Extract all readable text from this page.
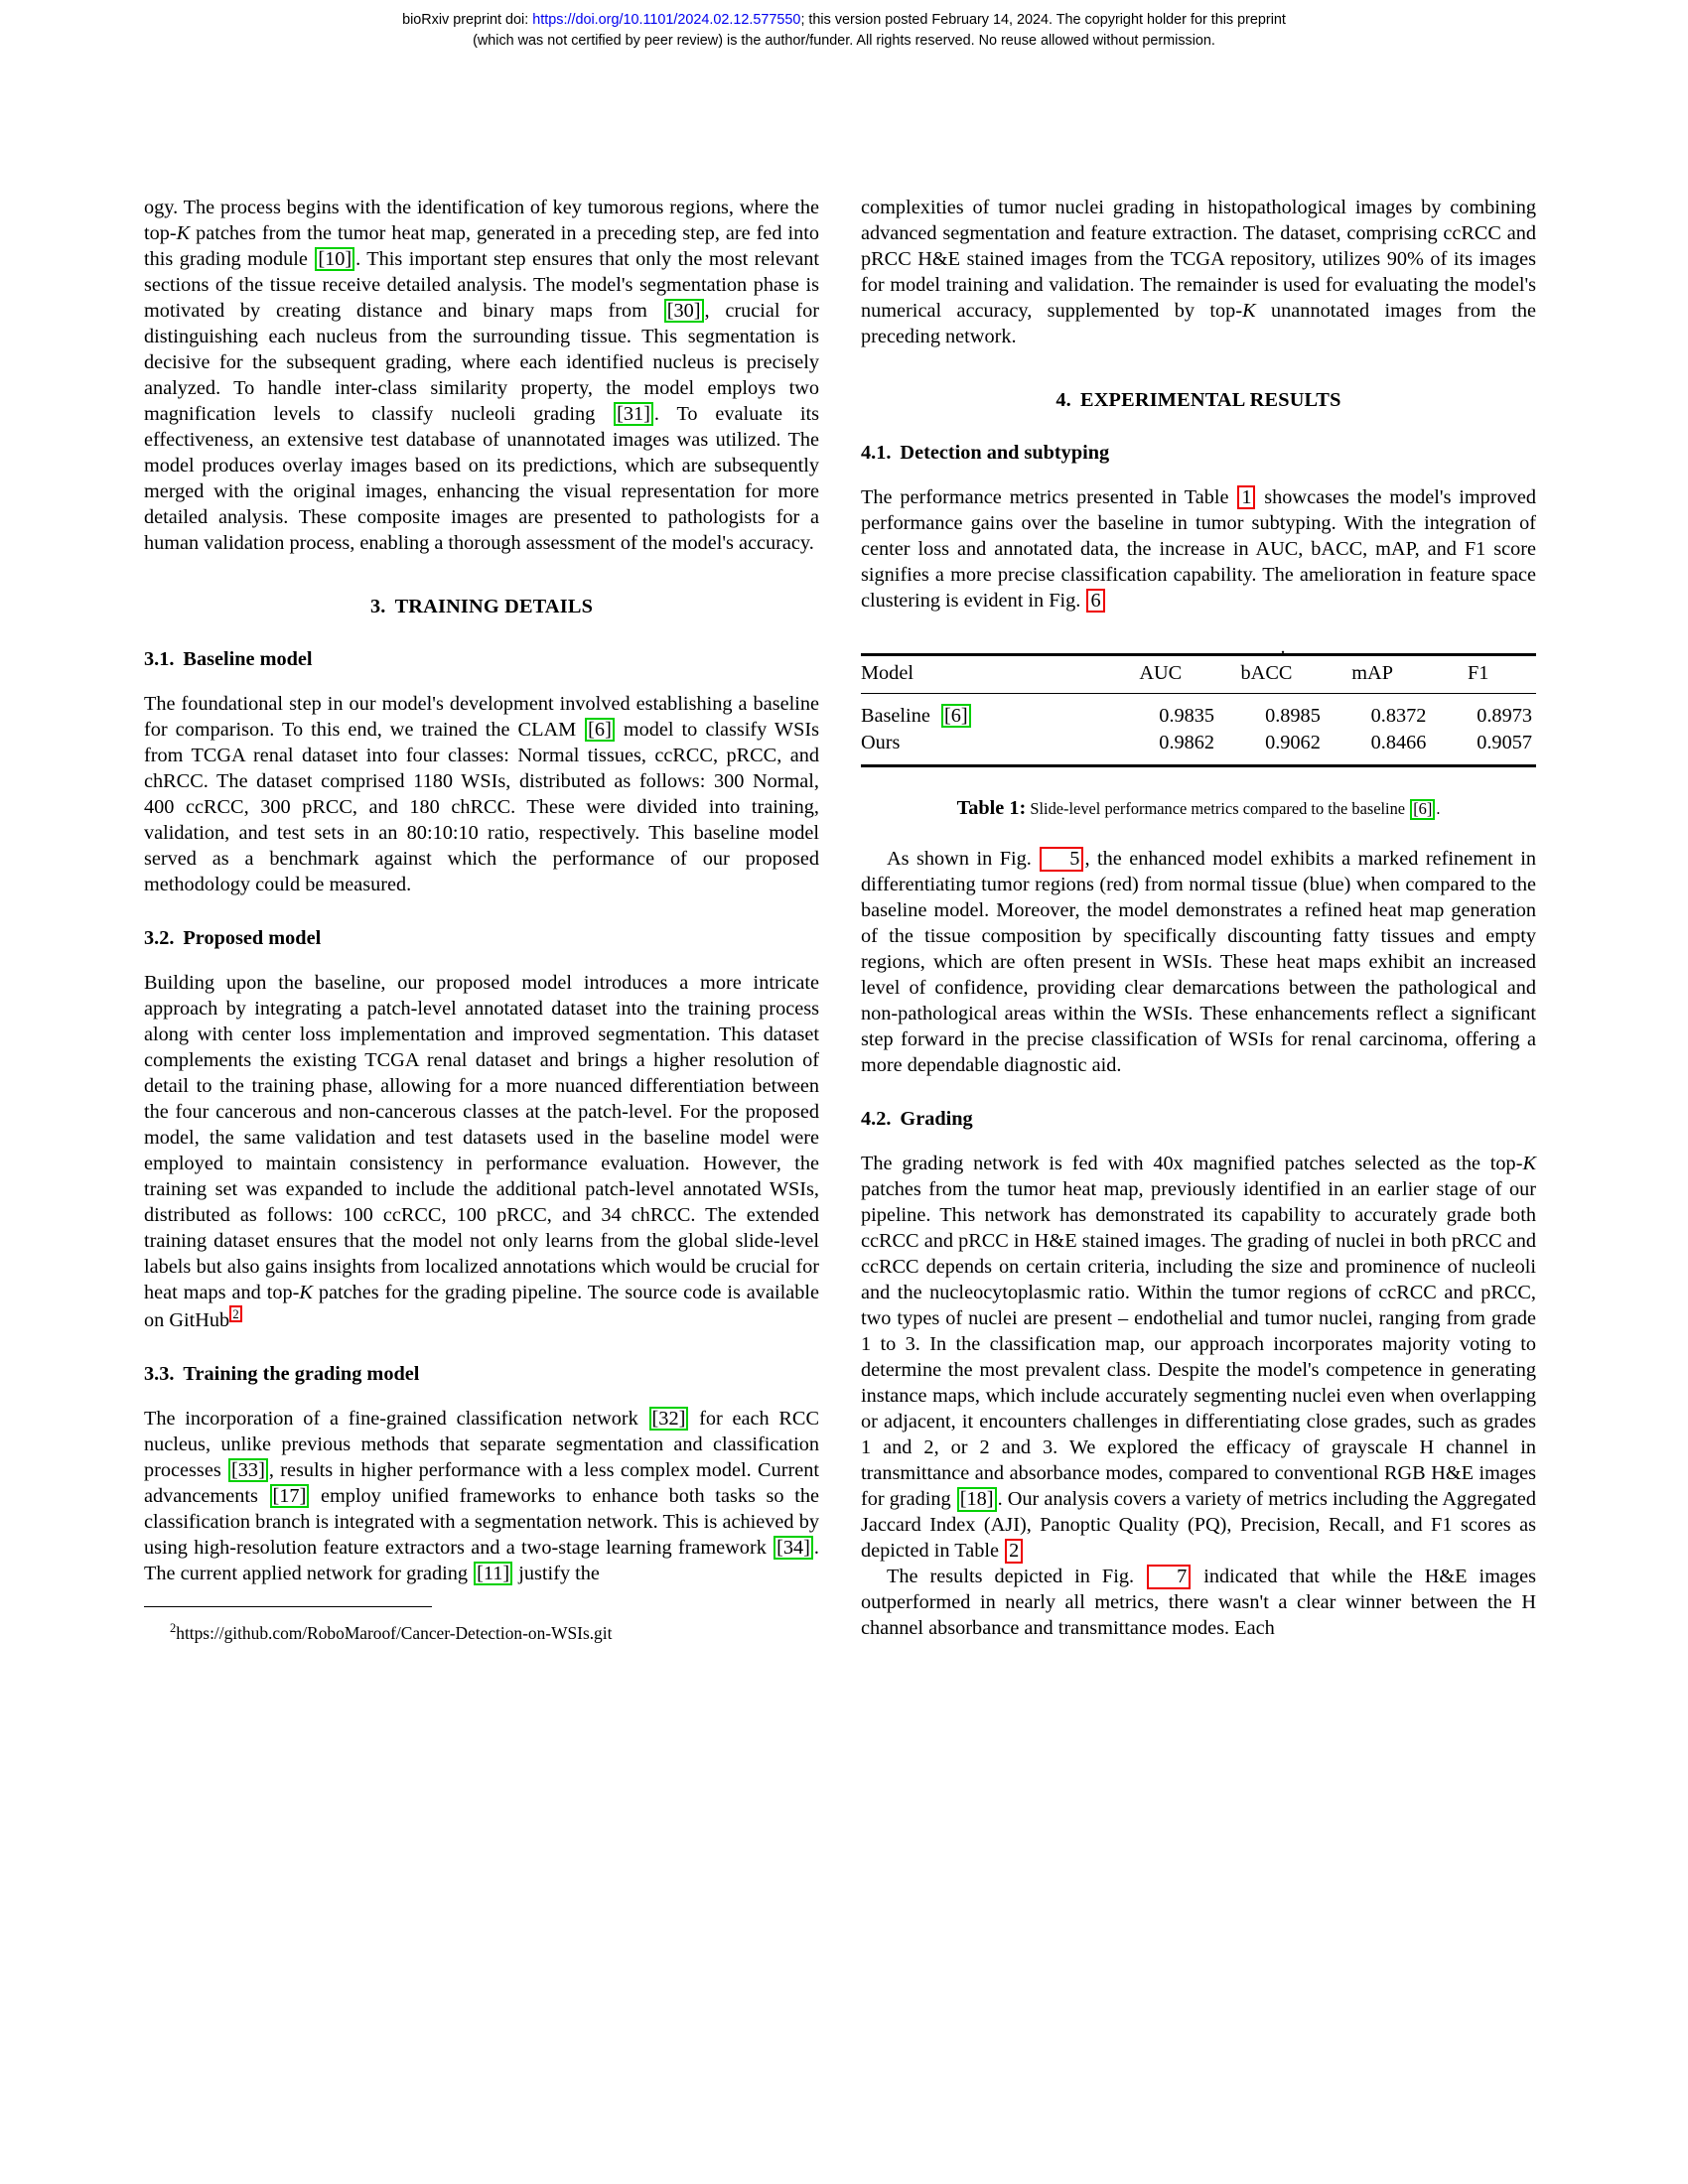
bioRxiv preprint doi: https://doi.org/10.1101/2024.02.12.577550; this version posted February 14, 2024. The copyright holder for this preprint
(which was not certified by peer review) is the author/funder. All rights reserved. No reuse allowed without permission.

ogy. The process begins with the identification of key tumorous regions, where the top-K patches from the tumor heat map, generated in a preceding step, are fed into this grading module [10] . This important step ensures that only the most relevant sections of the tissue receive detailed analysis. The model's segmentation phase is motivated by creating distance and binary maps from [30] , crucial for distinguishing each nucleus from the surrounding tissue. This segmentation is decisive for the subsequent grading, where each identified nucleus is precisely analyzed. To handle inter-class similarity property, the model employs two magnification levels to classify nucleoli grading [31] . To evaluate its effectiveness, an extensive test database of unannotated images was utilized. The model produces overlay images based on its predictions, which are subsequently merged with the original images, enhancing the visual representation for more detailed analysis. These composite images are presented to pathologists for a human validation process, enabling a thorough assessment of the model's accuracy.

3. TRAINING DETAILS
3.1. Baseline model

The foundational step in our model's development involved establishing a baseline for comparison. To this end, we trained the CLAM [6] model to classify WSIs from TCGA renal dataset into four classes: Normal tissues, ccRCC, pRCC, and chRCC. The dataset comprised 1180 WSIs, distributed as follows: 300 Normal, 400 ccRCC, 300 pRCC, and 180 chRCC. These were divided into training, validation, and test sets in an 80:10:10 ratio, respectively. This baseline model served as a benchmark against which the performance of our proposed methodology could be measured.

3.2. Proposed model

Building upon the baseline, our proposed model introduces a more intricate approach by integrating a patch-level annotated dataset into the training process along with center loss implementation and improved segmentation. This dataset complements the existing TCGA renal dataset and brings a higher resolution of detail to the training phase, allowing for a more nuanced differentiation between the four cancerous and non-cancerous classes at the patch-level. For the proposed model, the same validation and test datasets used in the baseline model were employed to maintain consistency in performance evaluation. However, the training set was expanded to include the additional patch-level annotated WSIs, distributed as follows: 100 ccRCC, 100 pRCC, and 34 chRCC. The extended training dataset ensures that the model not only learns from the global slide-level labels but also gains insights from localized annotations which would be crucial for heat maps and top-K patches for the grading pipeline. The source code is available on GitHub 2

3.3. Training the grading model

The incorporation of a fine-grained classification network [32] for each RCC nucleus, unlike previous methods that separate segmentation and classification processes [33] , results in higher performance with a less complex model. Current advancements [17] employ unified frameworks to enhance both tasks so the classification branch is integrated with a segmentation network. This is achieved by using high-resolution feature extractors and a two-stage learning framework [34] . The current applied network for grading [11] justify the

$^2$https://github.com/RoboMaroof/Cancer-Detection-on-WSIs.git

complexities of tumor nuclei grading in histopathological images by combining advanced segmentation and feature extraction. The dataset, comprising ccRCC and pRCC H&E stained images from the TCGA repository, utilizes 90% of its images for model training and validation. The remainder is used for evaluating the model's numerical accuracy, supplemented by top-K unannotated images from the preceding network.

4. EXPERIMENTAL RESULTS
4.1. Detection and subtyping

The performance metrics presented in Table 1 showcases the model's improved performance gains over the baseline in tumor subtyping. With the integration of center loss and annotated data, the increase in AUC, bACC, mAP, and F1 score signifies a more precise classification capability. The amelioration in feature space clustering is evident in Fig. 6

.
Model	AUC	bACC	mAP	F1
Baseline [6]	0.9835	0.8985	0.8372	0.8973
Ours	0.9862	0.9062	0.8466	0.9057
Table 1: Slide-level performance metrics compared to the baseline [6] .

As shown in Fig. 5 , the enhanced model exhibits a marked refinement in differentiating tumor regions (red) from normal tissue (blue) when compared to the baseline model. Moreover, the model demonstrates a refined heat map generation of the tissue composition by specifically discounting fatty tissues and empty regions, which are often present in WSIs. These heat maps exhibit an increased level of confidence, providing clear demarcations between the pathological and non-pathological areas within the WSIs. These enhancements reflect a significant step forward in the precise classification of WSIs for renal carcinoma, offering a more dependable diagnostic aid.

4.2. Grading

The grading network is fed with 40x magnified patches selected as the top-K patches from the tumor heat map, previously identified in an earlier stage of our pipeline. This network has demonstrated its capability to accurately grade both ccRCC and pRCC in H&E stained images. The grading of nuclei in both pRCC and ccRCC depends on certain criteria, including the size and prominence of nucleoli and the nucleocytoplasmic ratio. Within the tumor regions of ccRCC and pRCC, two types of nuclei are present – endothelial and tumor nuclei, ranging from grade 1 to 3. In the classification map, our approach incorporates majority voting to determine the most prevalent class. Despite the model's competence in generating instance maps, which include accurately segmenting nuclei even when overlapping or adjacent, it encounters challenges in differentiating close grades, such as grades 1 and 2, or 2 and 3. We explored the efficacy of grayscale H channel in transmittance and absorbance modes, compared to conventional RGB H&E images for grading [18] . Our analysis covers a variety of metrics including the Aggregated Jaccard Index (AJI), Panoptic Quality (PQ), Precision, Recall, and F1 scores as depicted in Table 2

The results depicted in Fig. 7 indicated that while the H&E images outperformed in nearly all metrics, there wasn't a clear winner between the H channel absorbance and transmittance modes. Each
